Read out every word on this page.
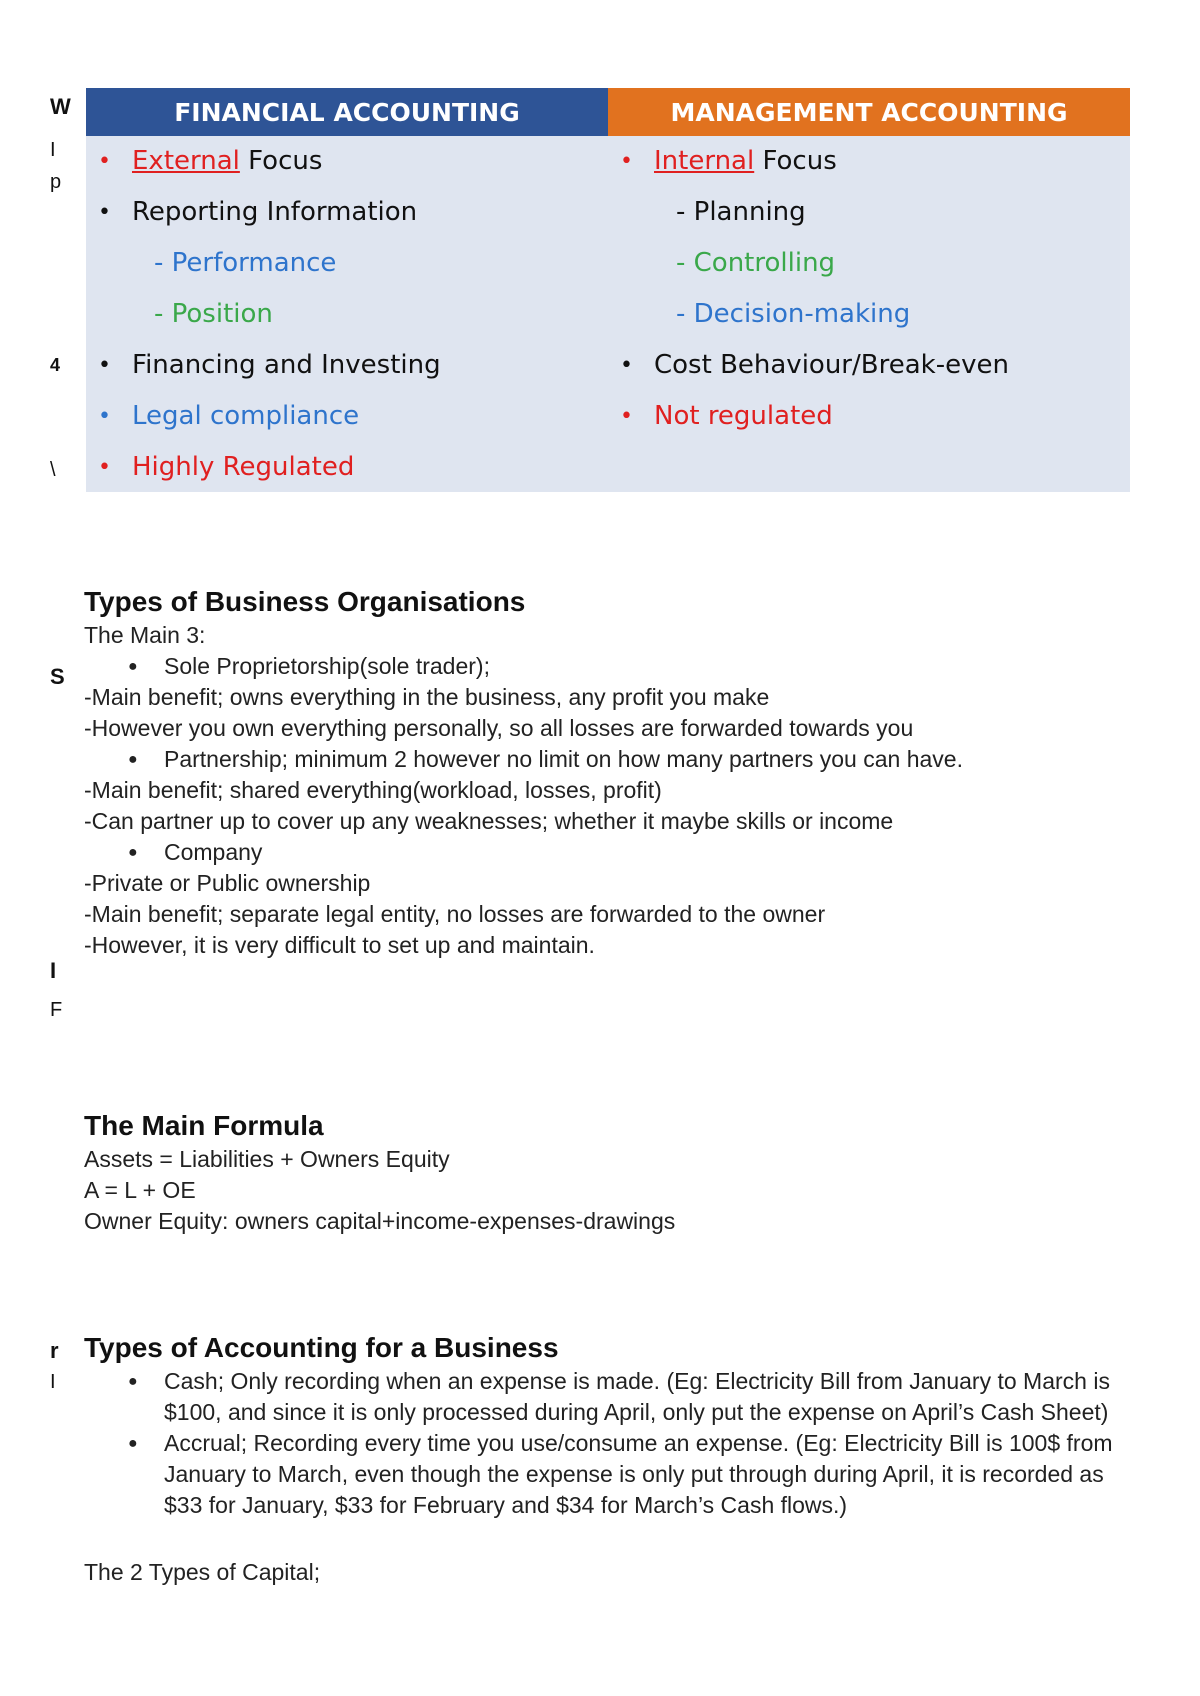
W
I
p
4
\
S
I
F
r
I
FINANCIAL ACCOUNTING	MANAGEMENT ACCOUNTING
• External Focus
• Reporting Information
- Performance
- Position
• Financing and Investing
• Legal compliance
• Highly Regulated
• Internal Focus
- Planning
- Controlling
- Decision-making
• Cost Behaviour/Break-even
• Not regulated
Types of Business Organisations

The Main 3:

● Sole Proprietorship(sole trader);

-Main benefit; owns everything in the business, any profit you make

-However you own everything personally, so all losses are forwarded towards you

● Partnership; minimum 2 however no limit on how many partners you can have.

-Main benefit; shared everything(workload, losses, profit)

-Can partner up to cover up any weaknesses; whether it maybe skills or income

● Company

-Private or Public ownership

-Main benefit; separate legal entity, no losses are forwarded to the owner

-However, it is very difficult to set up and maintain.

The Main Formula

Assets = Liabilities + Owners Equity

A = L + OE

Owner Equity: owners capital+income-expenses-drawings

Types of Accounting for a Business
● Cash; Only recording when an expense is made. (Eg: Electricity Bill from January to March is $100, and since it is only processed during April, only put the expense on April’s Cash Sheet)
● Accrual; Recording every time you use/consume an expense. (Eg: Electricity Bill is 100$ from January to March, even though the expense is only put through during April, it is recorded as $33 for January, $33 for February and $34 for March’s Cash flows.)

The 2 Types of Capital;
